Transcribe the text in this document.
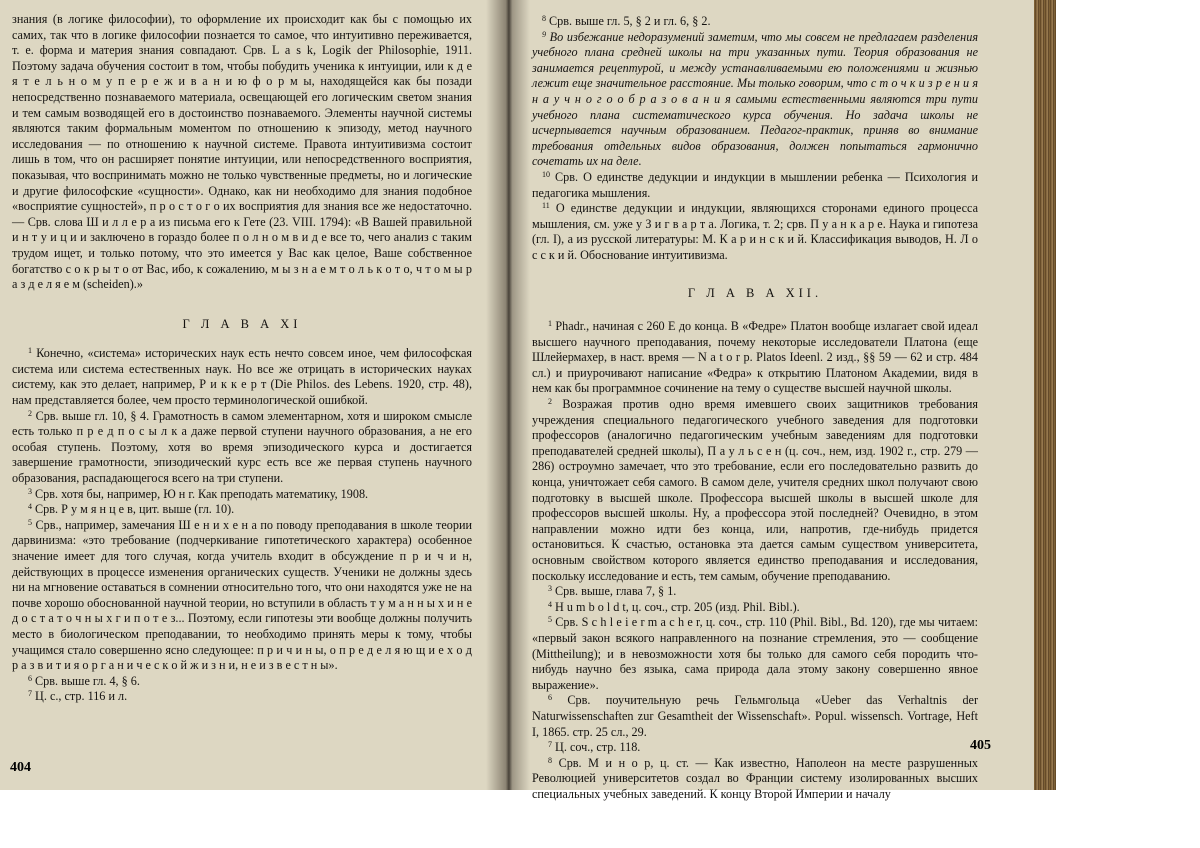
знания (в логике философии), то оформление их происходит как бы с помощью их самих, так что в логике философии познается то самое, что интуитивно переживается, т. е. форма и материя знания совпадают. Срв. L a s k, Logik der Philosophie, 1911. Поэтому задача обучения состоит в том, чтобы побудить ученика к интуиции, или к д е я т е л ь н о м у п е р е ж и в а н и ю ф о р м ы, находящейся как бы позади непосредственно познаваемого материала, освещающей его логическим светом знания и тем самым возводящей его в достоинство познаваемого. Элементы научной системы являются таким формальным моментом по отношению к эпизоду, метод научного исследования — по отношению к научной системе. Правота интуитивизма состоит лишь в том, что он расширяет понятие интуиции, или непосредственного восприятия, показывая, что воспринимать можно не только чувственные предметы, но и логические и другие философские «сущности». Однако, как ни необходимо для знания подобное «восприятие сущностей», п р о с т о г о их восприятия для знания все же недостаточно. — Срв. слова Ш и л л е р а из письма его к Гете (23. VIII. 1794): «В Вашей правильной и н т у и ц и и заключено в гораздо более п о л н о м в и д е все то, чего анализ с таким трудом ищет, и только потому, что это имеется у Вас как целое, Ваше собственное богатство с о к р ы т о от Вас, ибо, к сожалению, м ы з н а е м т о л ь к о т о, ч т о м ы р а з д е л я е м (scheiden).»

Г Л А В А XI

$^1$ Конечно, «система» исторических наук есть нечто совсем иное, чем философская система или система естественных наук. Но все же отрицать в исторических науках систему, как это делает, например, Р и к к е р т (Die Philos. des Lebens. 1920, стр. 48), нам представляется более, чем просто терминологической ошибкой.

$^2$ Срв. выше гл. 10, § 4. Грамотность в самом элементарном, хотя и широком смысле есть только п р е д п о с ы л к а даже первой ступени научного образования, а не его особая ступень. Поэтому, хотя во время эпизодического курса и достигается завершение грамотности, эпизодический курс есть все же первая ступень научного образования, распадающегося всего на три ступени.

$^3$ Срв. хотя бы, например, Ю н г. Как преподать математику, 1908.

$^4$ Срв. Р у м я н ц е в, цит. выше (гл. 10).

$^5$ Срв., например, замечания Ш е н и х е н а по поводу преподавания в школе теории дарвинизма: «это требование (подчеркивание гипотетического характера) особенное значение имеет для того случая, когда учитель входит в обсуждение п р и ч и н, действующих в процессе изменения органических существ. Ученики не должны здесь ни на мгновение оставаться в сомнении относительно того, что они находятся уже не на почве хорошо обоснованной научной теории, но вступили в область т у м а н н ы х и н е д о с т а т о ч н ы х г и п о т е з... Поэтому, если гипотезы эти вообще должны получить место в биологическом преподавании, то необходимо принять меры к тому, чтобы учащимся стало совершенно ясно следующее: п р и ч и н ы, о п р е д е л я ю щ и е х о д р а з в и т и я о р г а н и ч е с к о й ж и з н и, н е и з в е с т н ы».

$^6$ Срв. выше гл. 4, § 6.

$^7$ Ц. с., стр. 116 и л.

404

$^8$ Срв. выше гл. 5, § 2 и гл. 6, § 2.

$^9$ Во избежание недоразумений заметим, что мы совсем не предлагаем разделения учебного плана средней школы на три указанных пути. Теория образования не занимается рецептурой, и между устанавливаемыми ею положениями и жизнью лежит еще значительное расстояние. Мы только говорим, что с т о ч к и з р е н и я н а у ч н о г о о б р а з о в а н и я самыми естественными являются три пути учебного плана систематического курса обучения. Но задача школы не исчерпывается научным образованием. Педагог-практик, приняв во внимание требования отдельных видов образования, должен попытаться гармонично сочетать их на деле.

$^{10}$ Срв. О единстве дедукции и индукции в мышлении ребенка — Психология и педагогика мышления.

$^{11}$ О единстве дедукции и индукции, являющихся сторонами единого процесса мышления, см. уже у З и г в а р т а. Логика, т. 2; срв. П у а н к а р е. Наука и гипотеза (гл. I), а из русской литературы: М. К а р и н с к и й. Классификация выводов, Н. Л о с с к и й. Обоснование интуитивизма.

Г Л А В А XII.

$^1$ Phadr., начиная с 260 E до конца. В «Федре» Платон вообще излагает свой идеал высшего научного преподавания, почему некоторые исследователи Платона (еще Шлейермахер, в наст. время — N a t o r p. Platos Ideenl. 2 изд., §§ 59 — 62 и стр. 484 сл.) и приурочивают написание «Федра» к открытию Платоном Академии, видя в нем как бы программное сочинение на тему о существе высшей научной школы.

$^2$ Возражая против одно время имевшего своих защитников требования учреждения специального педагогического учебного заведения для подготовки профессоров (аналогично педагогическим учебным заведениям для подготовки преподавателей средней школы), П а у л ь с е н (ц. соч., нем, изд. 1902 г., стр. 279 — 286) остроумно замечает, что это требование, если его последовательно развить до конца, уничтожает себя самого. В самом деле, учителя средних школ получают свою подготовку в высшей школе. Профессора высшей школы в высшей школе для профессоров высшей школы. Ну, а профессора этой последней? Очевидно, в этом направлении можно идти без конца, или, напротив, где-нибудь придется остановиться. К счастью, остановка эта дается самым существом университета, основным свойством которого является единство преподавания и исследования, поскольку исследование и есть, тем самым, обучение преподаванию.

$^3$ Срв. выше, глава 7, § 1.

$^4$ H u m b o l d t, ц. соч., стр. 205 (изд. Phil. Bibl.).

$^5$ Срв. S c h l e i e r m a c h e r, ц. соч., стр. 110 (Phil. Bibl., Bd. 120), где мы читаем: «первый закон всякого направленного на познание стремления, это — сообщение (Mittheilung); и в невозможности хотя бы только для самого себя породить что-нибудь научно без языка, сама природа дала этому закону совершенно явное выражение».

$^6$ Срв. поучительную речь Гельмгольца «Ueber das Verhaltnis der Naturwissenschaften zur Gesamtheit der Wissenschaft». Popul. wissensch. Vortrage, Heft I, 1865. стр. 25 сл., 29.

$^7$ Ц. соч., стр. 118.

$^8$ Срв. М и н о р, ц. ст. — Как известно, Наполеон на месте разрушенных Революцией университетов создал во Франции систему изолированных высших специальных учебных заведений. К концу Второй Империи и началу

405
